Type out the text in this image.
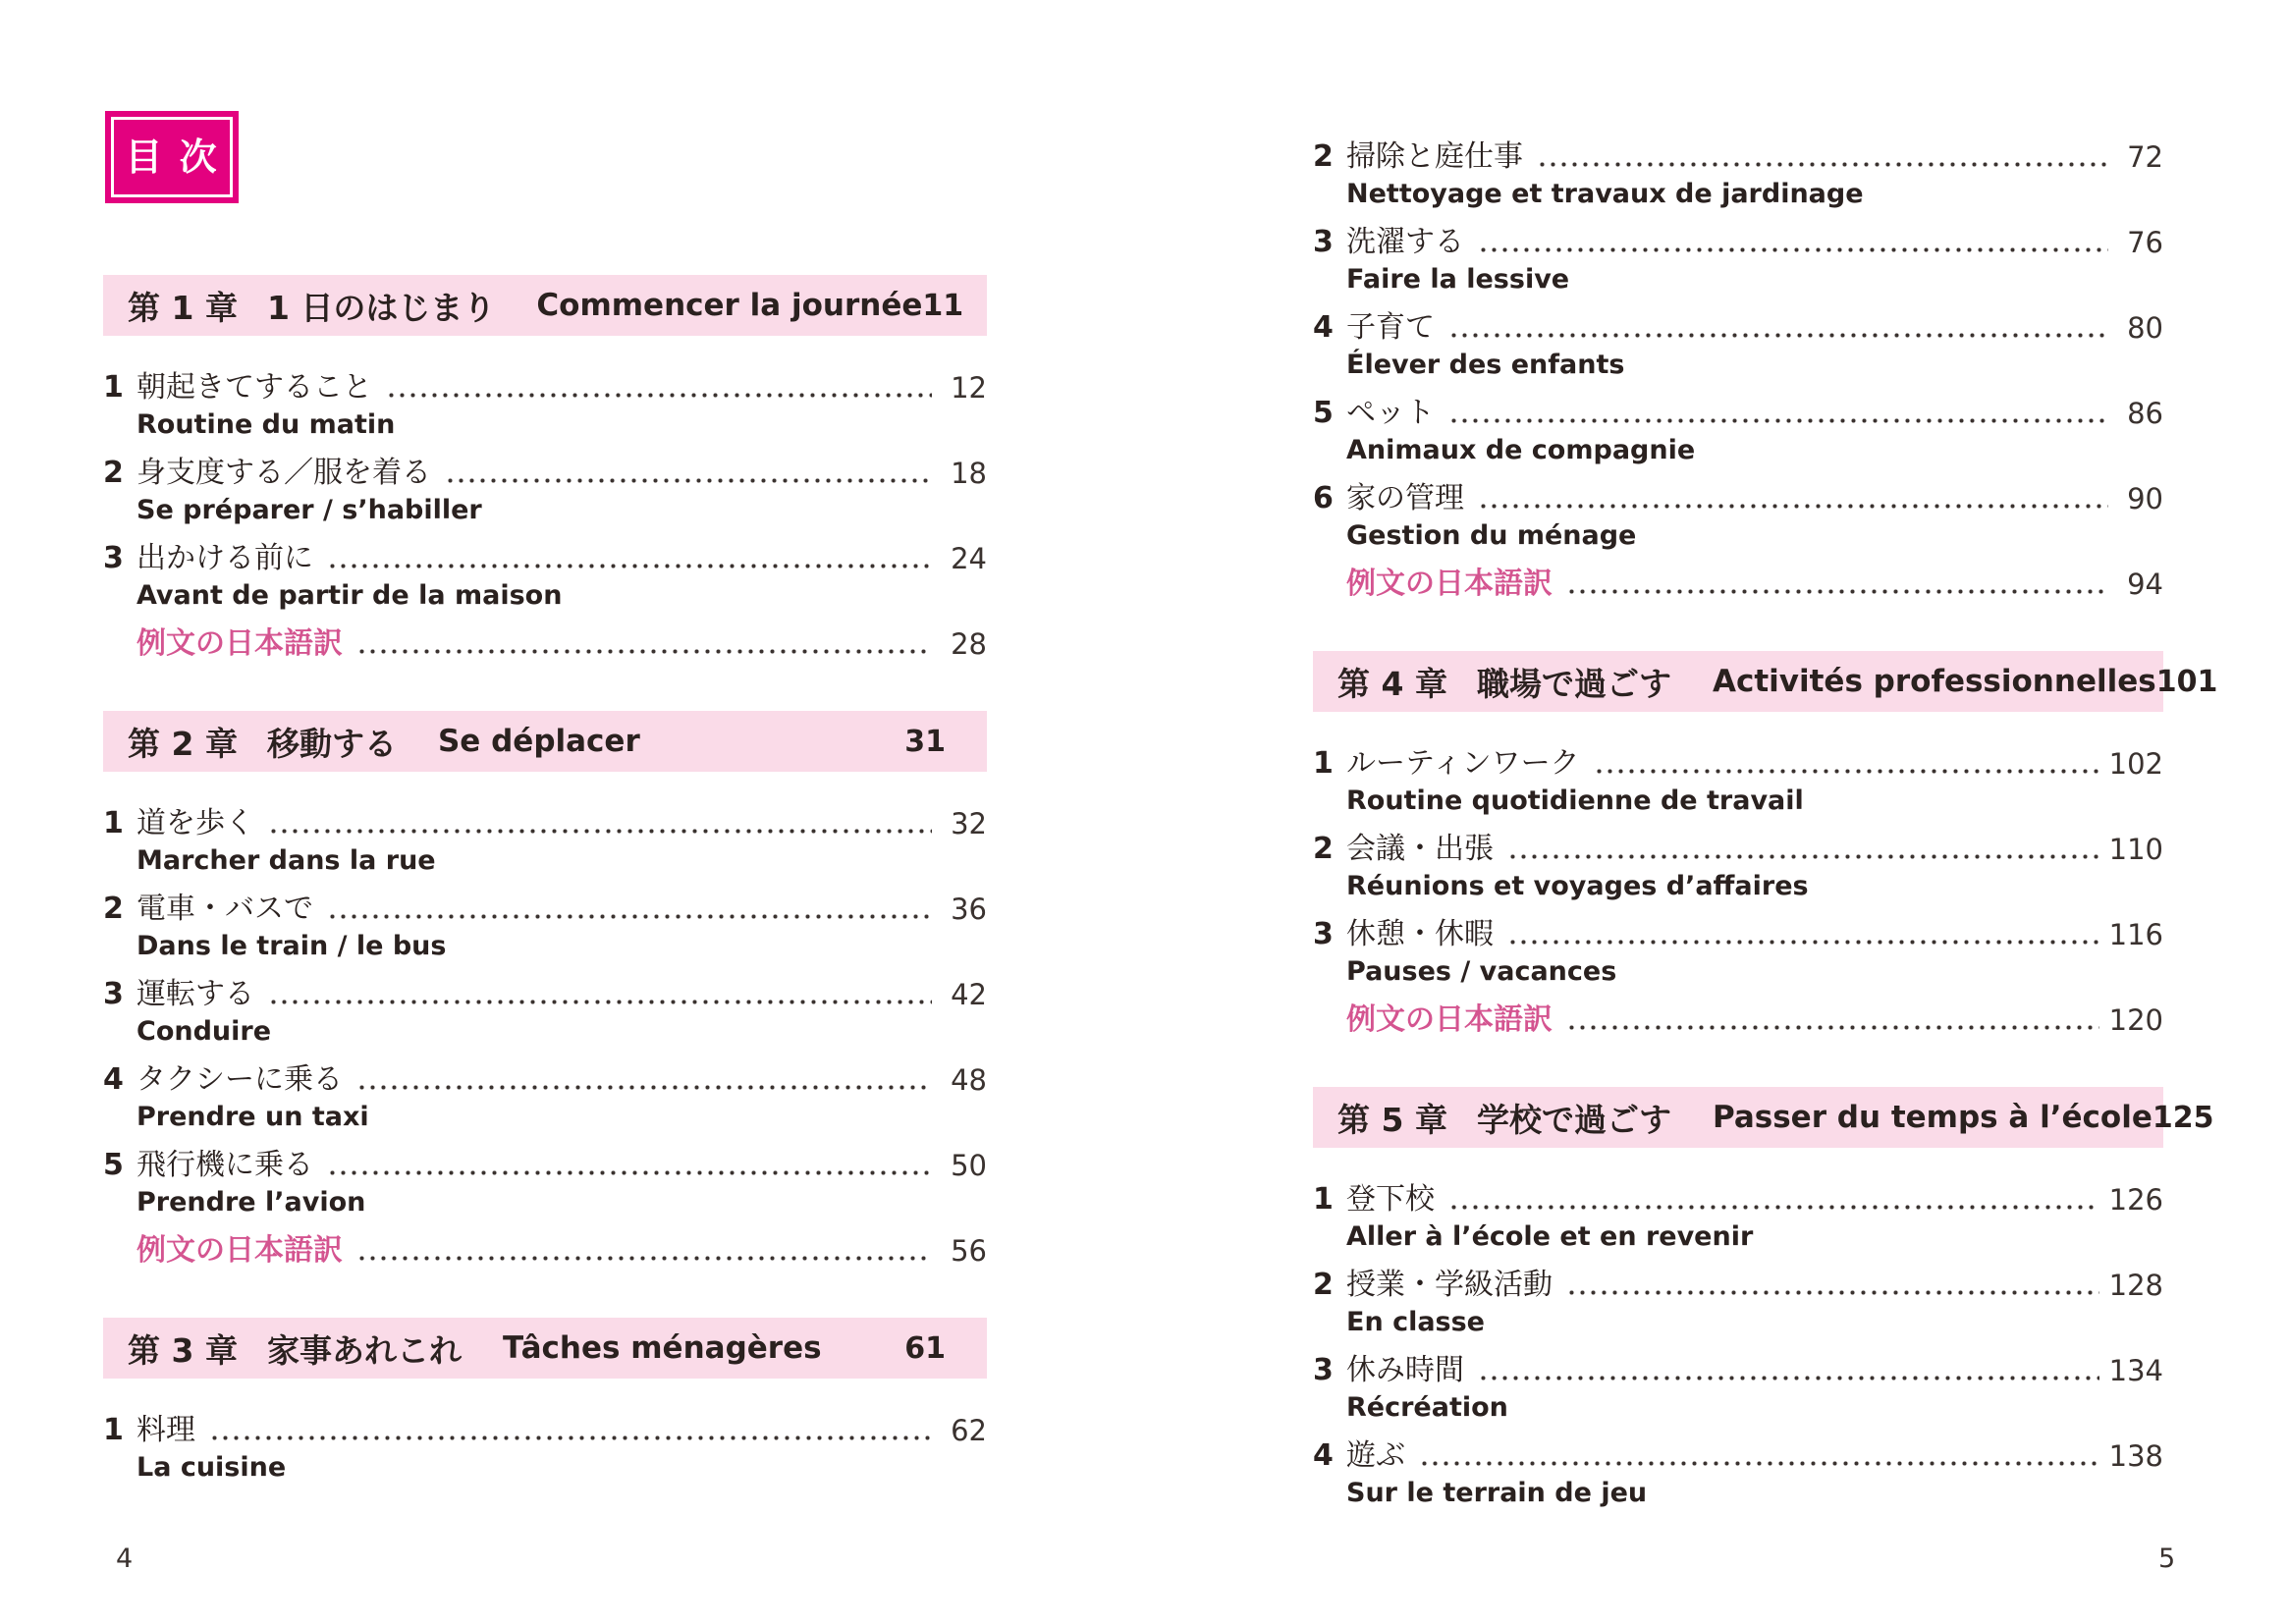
目 次
第 1 章 1 日のはじまり Commencer la journée 11
1 朝起きてすること	12
Routine du matin
2 身支度する／服を着る	18
Se préparer / s’habiller
3 出かける前に	24
Avant de partir de la maison
例文の日本語訳	28
第 2 章 移動する Se déplacer	31
1 道を歩く	32
Marcher dans la rue
2 電車・バスで	36
Dans le train / le bus
3 運転する	42
Conduire
4 タクシーに乗る	48
Prendre un taxi
5 飛行機に乗る	50
Prendre l’avion
例文の日本語訳	56
第 3 章 家事あれこれ Tâches ménagères	61
1 料理	62
La cuisine
2 掃除と庭仕事	72
Nettoyage et travaux de jardinage
3 洗濯する	76
Faire la lessive
4 子育て	80
Élever des enfants
5 ペット	86
Animaux de compagnie
6 家の管理	90
Gestion du ménage
例文の日本語訳	94
第 4 章 職場で過ごす Activités professionnelles 101
1 ルーティンワーク	102
Routine quotidienne de travail
2 会議・出張	110
Réunions et voyages d’affaires
3 休憩・休暇	116
Pauses / vacances
例文の日本語訳	120
第 5 章 学校で過ごす Passer du temps à l’école 125
1 登下校	126
Aller à l’école et en revenir
2 授業・学級活動	128
En classe
3 休み時間	134
Récréation
4 遊ぶ	138
Sur le terrain de jeu
4	5
